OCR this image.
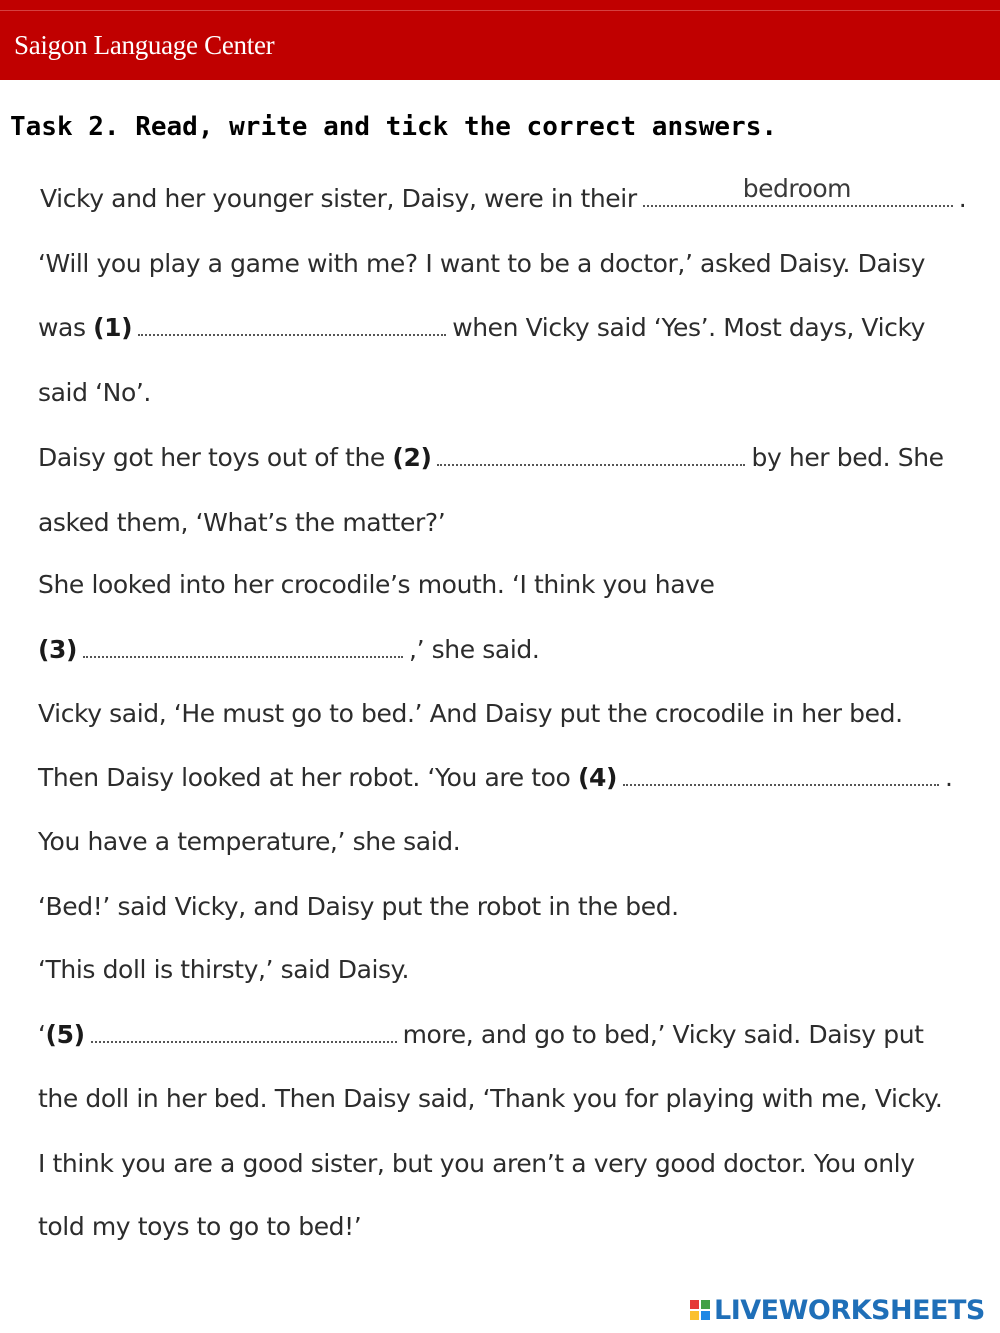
Saigon Language Center
Task 2. Read, write and tick the correct answers.
Vicky and her younger sister, Daisy, were in their	bedroom	.
‘Will you play a game with me? I want to be a doctor,’ asked Daisy. Daisy
was (1)	when Vicky said ‘Yes’. Most days, Vicky
said ‘No’.
Daisy got her toys out of the (2)	by her bed. She
asked them, ‘What’s the matter?’
She looked into her crocodile’s mouth. ‘I think you have
(3)	,’ she said.
Vicky said, ‘He must go to bed.’ And Daisy put the crocodile in her bed.
Then Daisy looked at her robot. ‘You are too (4)	.
You have a temperature,’ she said.
‘Bed!’ said Vicky, and Daisy put the robot in the bed.
‘This doll is thirsty,’ said Daisy.
‘(5)	more, and go to bed,’ Vicky said. Daisy put
the doll in her bed. Then Daisy said, ‘Thank you for playing with me, Vicky.
I think you are a good sister, but you aren’t a very good doctor. You only
told my toys to go to bed!’
LIVEWORKSHEETS
